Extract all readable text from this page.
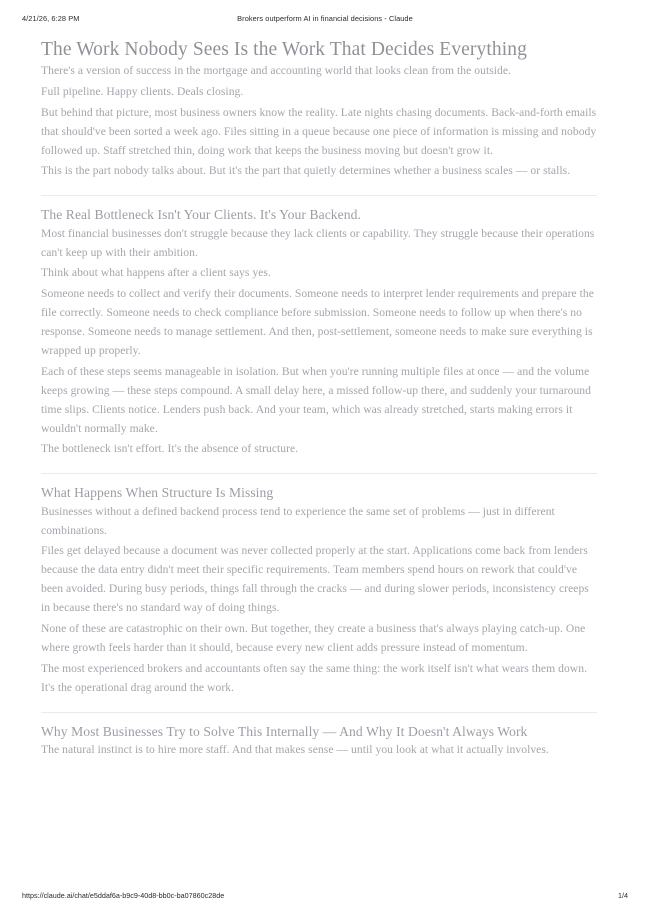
4/21/26, 6:28 PM	Brokers outperform AI in financial decisions - Claude
The Work Nobody Sees Is the Work That Decides Everything

There's a version of success in the mortgage and accounting world that looks clean from the outside.

Full pipeline. Happy clients. Deals closing.

But behind that picture, most business owners know the reality. Late nights chasing documents. Back-and-forth emails that should've been sorted a week ago. Files sitting in a queue because one piece of information is missing and nobody followed up. Staff stretched thin, doing work that keeps the business moving but doesn't grow it.

This is the part nobody talks about. But it's the part that quietly determines whether a business scales — or stalls.

The Real Bottleneck Isn't Your Clients. It's Your Backend.

Most financial businesses don't struggle because they lack clients or capability. They struggle because their operations can't keep up with their ambition.

Think about what happens after a client says yes.

Someone needs to collect and verify their documents. Someone needs to interpret lender requirements and prepare the file correctly. Someone needs to check compliance before submission. Someone needs to follow up when there's no response. Someone needs to manage settlement. And then, post-settlement, someone needs to make sure everything is wrapped up properly.

Each of these steps seems manageable in isolation. But when you're running multiple files at once — and the volume keeps growing — these steps compound. A small delay here, a missed follow-up there, and suddenly your turnaround time slips. Clients notice. Lenders push back. And your team, which was already stretched, starts making errors it wouldn't normally make.

The bottleneck isn't effort. It's the absence of structure.

What Happens When Structure Is Missing

Businesses without a defined backend process tend to experience the same set of problems — just in different combinations.

Files get delayed because a document was never collected properly at the start. Applications come back from lenders because the data entry didn't meet their specific requirements. Team members spend hours on rework that could've been avoided. During busy periods, things fall through the cracks — and during slower periods, inconsistency creeps in because there's no standard way of doing things.

None of these are catastrophic on their own. But together, they create a business that's always playing catch-up. One where growth feels harder than it should, because every new client adds pressure instead of momentum.

The most experienced brokers and accountants often say the same thing: the work itself isn't what wears them down. It's the operational drag around the work.

Why Most Businesses Try to Solve This Internally — And Why It Doesn't Always Work

The natural instinct is to hire more staff. And that makes sense — until you look at what it actually involves.

https://claude.ai/chat/e5ddaf6a-b9c9-40d8-bb0c-ba07860c28de	1/4
